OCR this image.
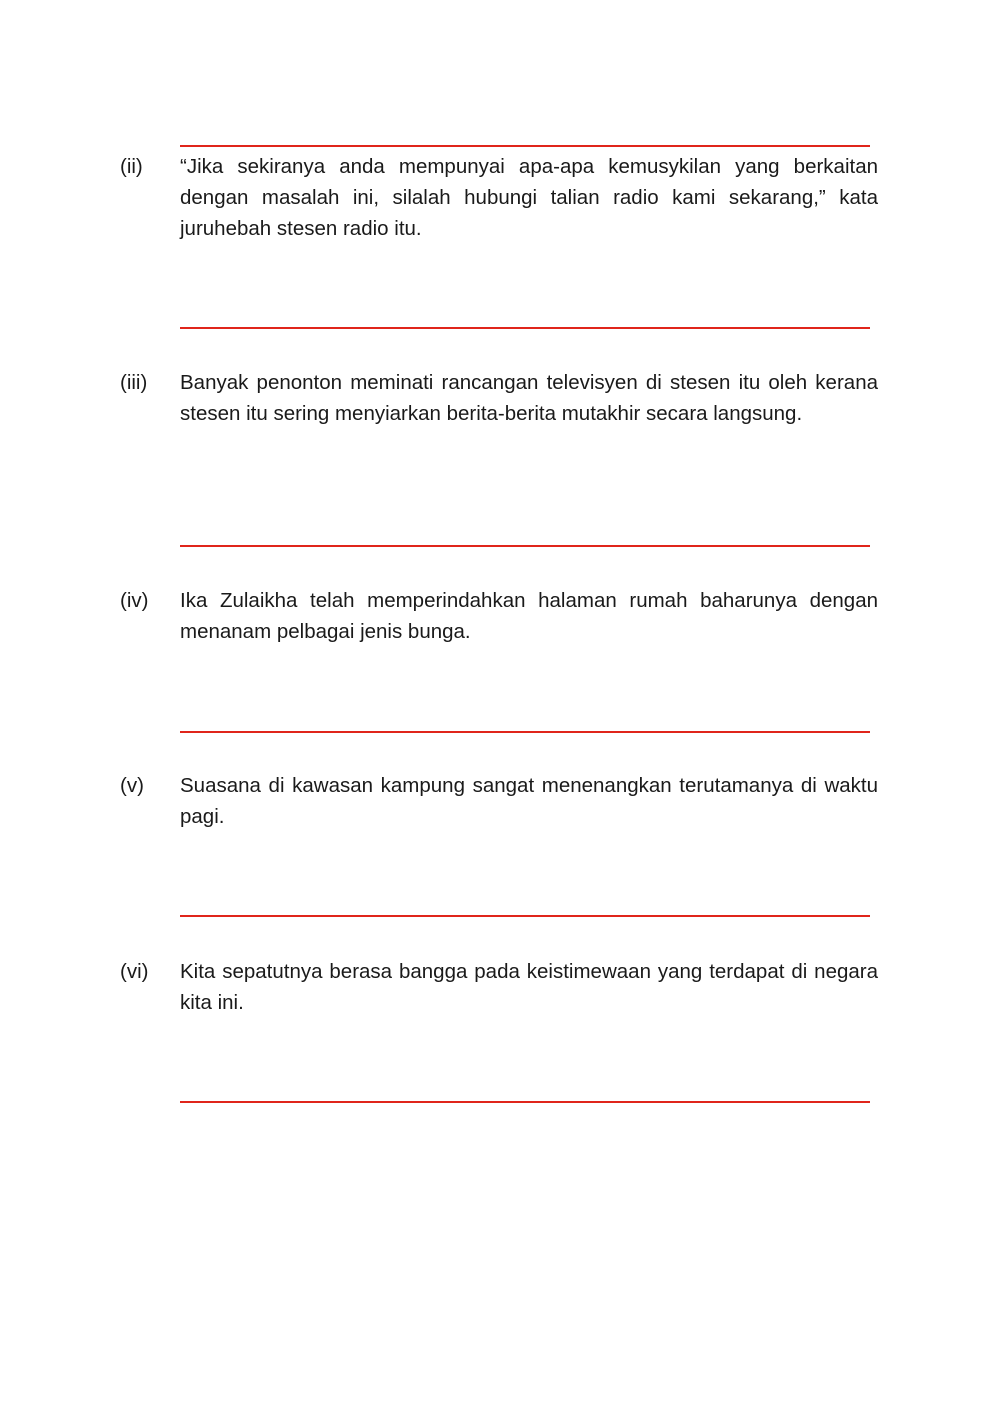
(ii)	“Jika sekiranya anda mempunyai apa-apa kemusykilan yang berkaitan dengan masalah ini, silalah hubungi talian radio kami sekarang,” kata juruhebah stesen radio itu.
(iii)	Banyak penonton meminati rancangan televisyen di stesen itu oleh kerana stesen itu sering menyiarkan berita-berita mutakhir secara langsung.
(iv)	Ika Zulaikha telah memperindahkan halaman rumah baharunya dengan menanam pelbagai jenis bunga.
(v)	Suasana di kawasan kampung sangat menenangkan terutamanya di waktu pagi.
(vi)	Kita sepatutnya berasa bangga pada keistimewaan yang terdapat di negara kita ini.
